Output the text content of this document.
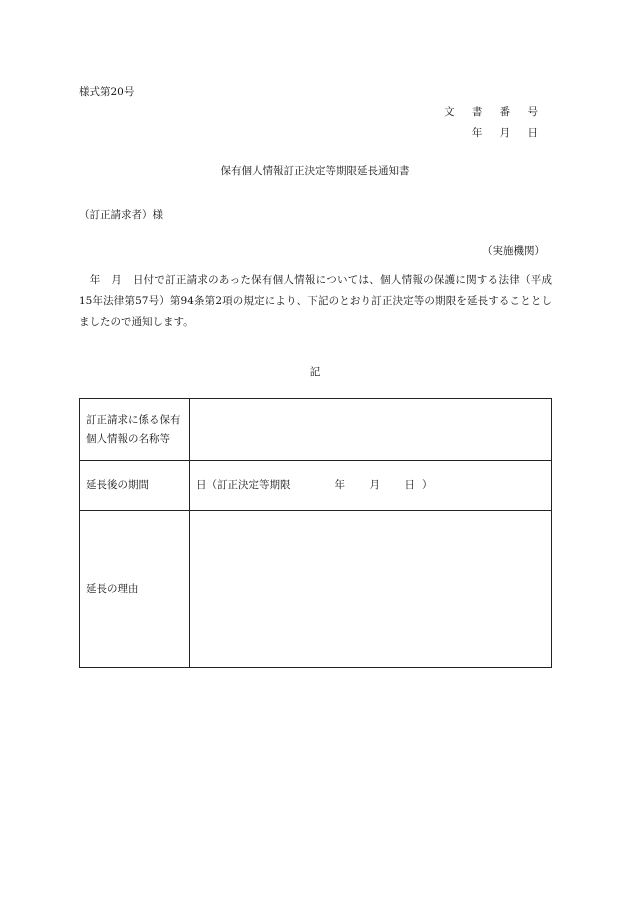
様式第20号
文 書 番 号
年 月 日
保有個人情報訂正決定等期限延長通知書
（訂正請求者）様
（実施機関）

　年　月　日付で訂正請求のあった保有個人情報については、個人情報の保護に関する法律（平成15年法律第57号）第94条第2項の規定により、下記のとおり訂正決定等の期限を延長することとしましたので通知します。

記
訂正請求に係る保有個人情報の名称等	
延長後の期間	日（訂正決定等期限 年　月　日）
延長の理由	
